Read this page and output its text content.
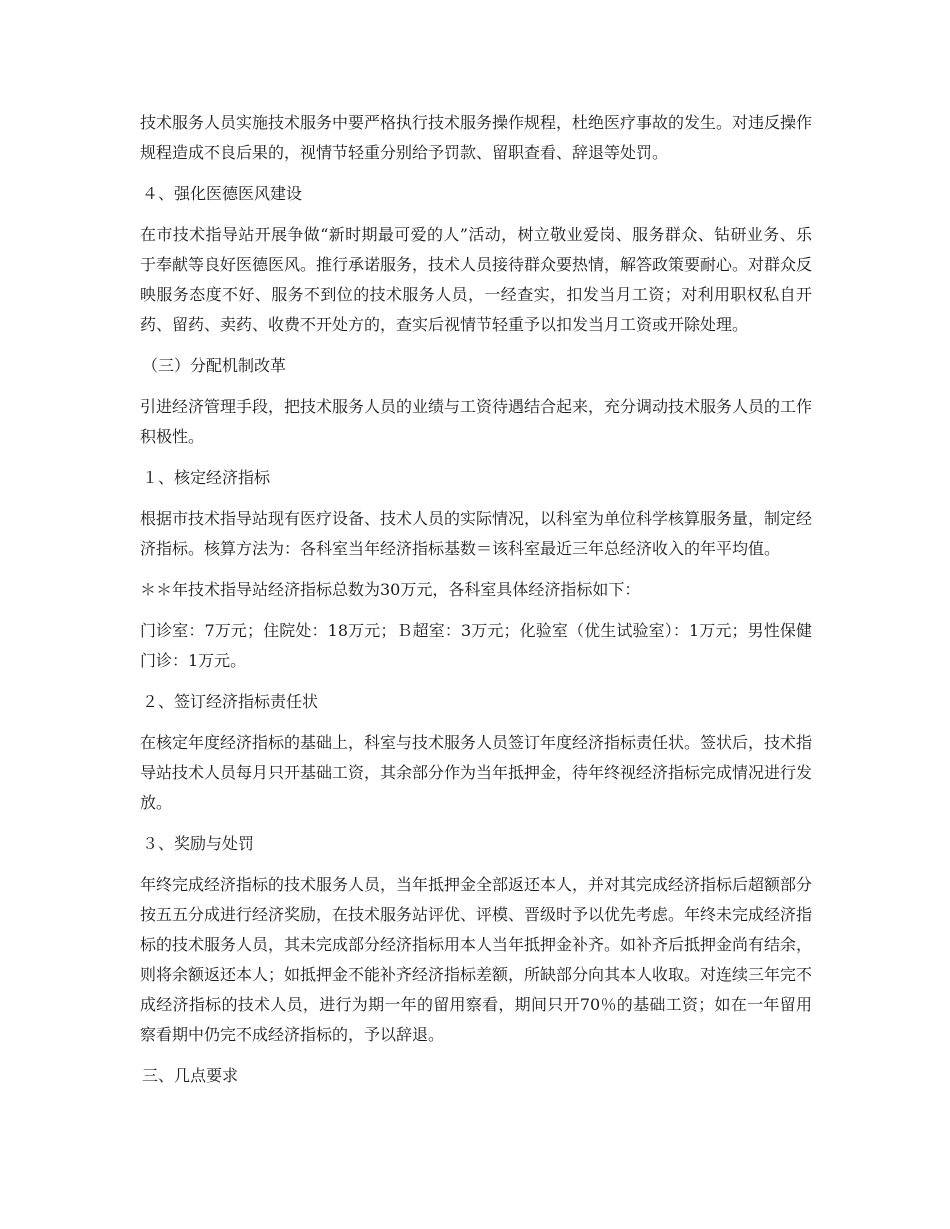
技术服务人员实施技术服务中要严格执行技术服务操作规程，杜绝医疗事故的发生。对违反操作规程造成不良后果的，视情节轻重分别给予罚款、留职查看、辞退等处罚。

４、强化医德医风建设

在市技术指导站开展争做“新时期最可爱的人”活动，树立敬业爱岗、服务群众、钻研业务、乐于奉献等良好医德医风。推行承诺服务，技术人员接待群众要热情，解答政策要耐心。对群众反映服务态度不好、服务不到位的技术服务人员，一经查实，扣发当月工资；对利用职权私自开药、留药、卖药、收费不开处方的，查实后视情节轻重予以扣发当月工资或开除处理。

（三）分配机制改革

引进经济管理手段，把技术服务人员的业绩与工资待遇结合起来，充分调动技术服务人员的工作积极性。

１、核定经济指标

根据市技术指导站现有医疗设备、技术人员的实际情况，以科室为单位科学核算服务量，制定经济指标。核算方法为：各科室当年经济指标基数＝该科室最近三年总经济收入的年平均值。

＊＊年技术指导站经济指标总数为30万元，各科室具体经济指标如下：

门诊室：7万元；住院处：18万元；Ｂ超室：3万元；化验室（优生试验室）：1万元；男性保健门诊：1万元。

２、签订经济指标责任状

在核定年度经济指标的基础上，科室与技术服务人员签订年度经济指标责任状。签状后，技术指导站技术人员每月只开基础工资，其余部分作为当年抵押金，待年终视经济指标完成情况进行发放。

３、奖励与处罚

年终完成经济指标的技术服务人员，当年抵押金全部返还本人，并对其完成经济指标后超额部分按五五分成进行经济奖励，在技术服务站评优、评模、晋级时予以优先考虑。年终未完成经济指标的技术服务人员，其未完成部分经济指标用本人当年抵押金补齐。如补齐后抵押金尚有结余，则将余额返还本人；如抵押金不能补齐经济指标差额，所缺部分向其本人收取。对连续三年完不成经济指标的技术人员，进行为期一年的留用察看，期间只开70％的基础工资；如在一年留用察看期中仍完不成经济指标的，予以辞退。

三、几点要求
